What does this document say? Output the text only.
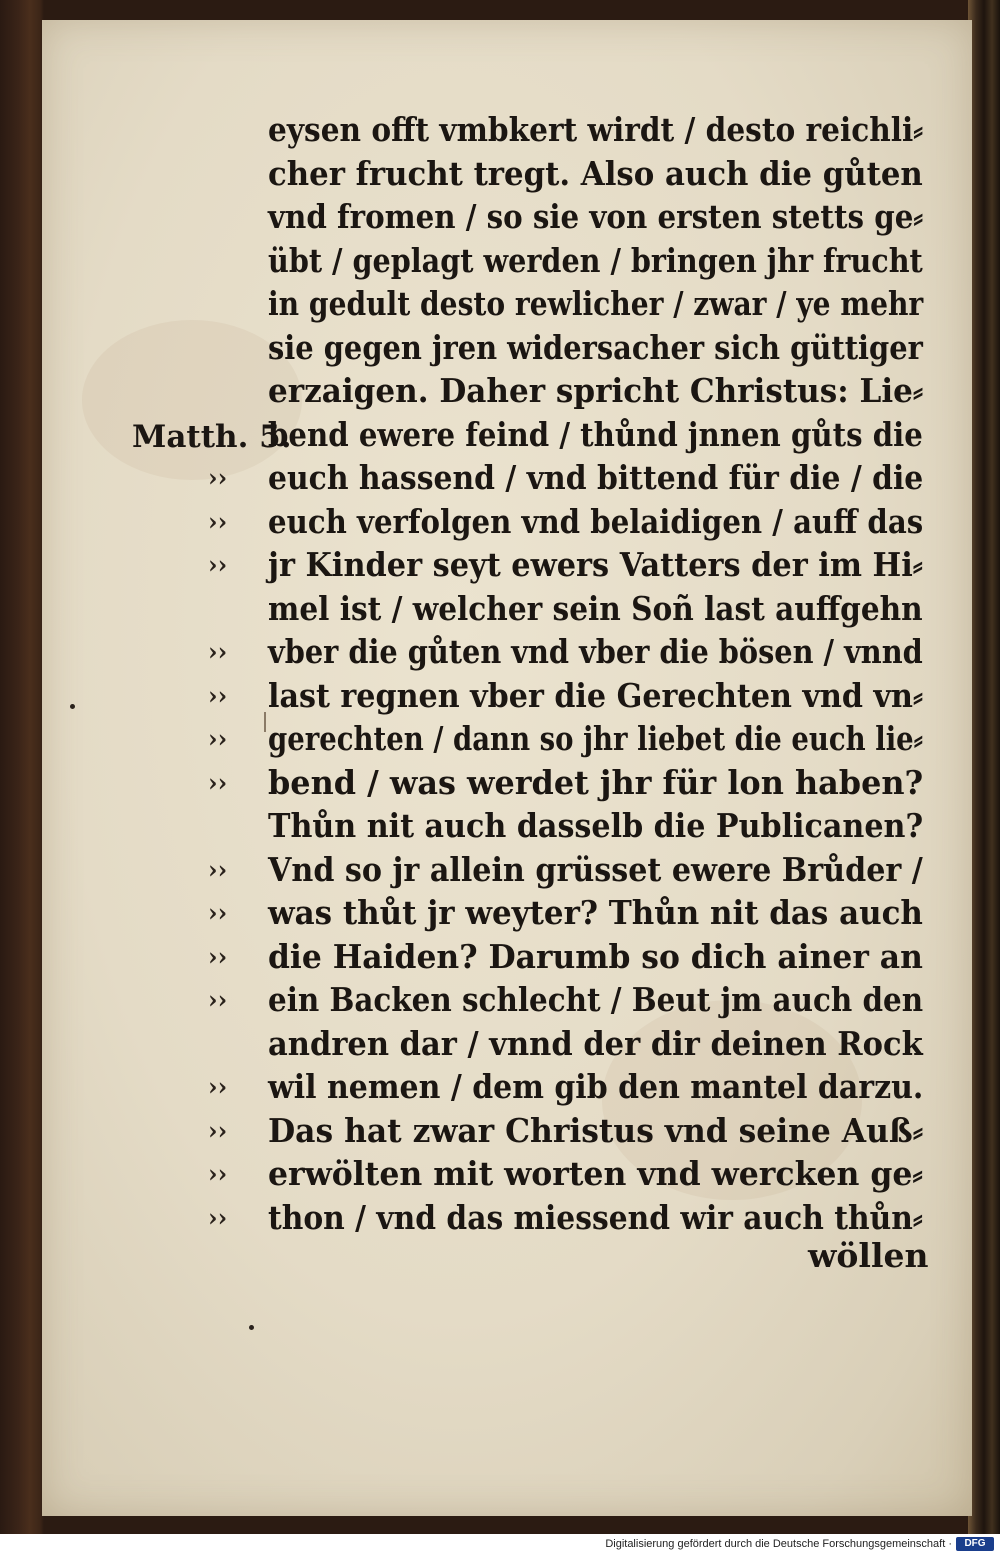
Matth. 5.
eysen offt vmbkert wirdt / desto reichli⸗
cher frucht tregt. Also auch die gůten
vnd fromen / so sie von ersten stetts ge⸗
übt / geplagt werden / bringen jhr frucht
in gedult desto rewlicher / zwar / ye mehr
sie gegen jren widersacher sich güttiger
erzaigen. Daher spricht Christus: Lie⸗
bend ewere feind / thůnd jnnen gůts die
euch hassend / vnd bittend für die / die
››
euch verfolgen vnd belaidigen / auff das
››
jr Kinder seyt ewers Vatters der im Hi⸗
››
mel ist / welcher sein Soñ last auffgehn
vber die gůten vnd vber die bösen / vnnd
››
last regnen vber die Gerechten vnd vn⸗
››
gerechten / dann so jhr liebet die euch lie⸗
››
bend / was werdet jhr für lon haben?
››
Thůn nit auch dasselb die Publicanen?
Vnd so jr allein grüsset ewere Brůder /
››
was thůt jr weyter? Thůn nit das auch
››
die Haiden? Darumb so dich ainer an
››
ein Backen schlecht / Beut jm auch den
››
andren dar / vnnd der dir deinen Rock
wil nemen / dem gib den mantel darzu.
››
Das hat zwar Christus vnd seine Auß⸗
››
erwölten mit worten vnd wercken ge⸗
››
thon / vnd das miessend wir auch thůn⸗
››
wöllen
Digitalisierung gefördert durch die Deutsche Forschungsgemeinschaft ·	DFG
